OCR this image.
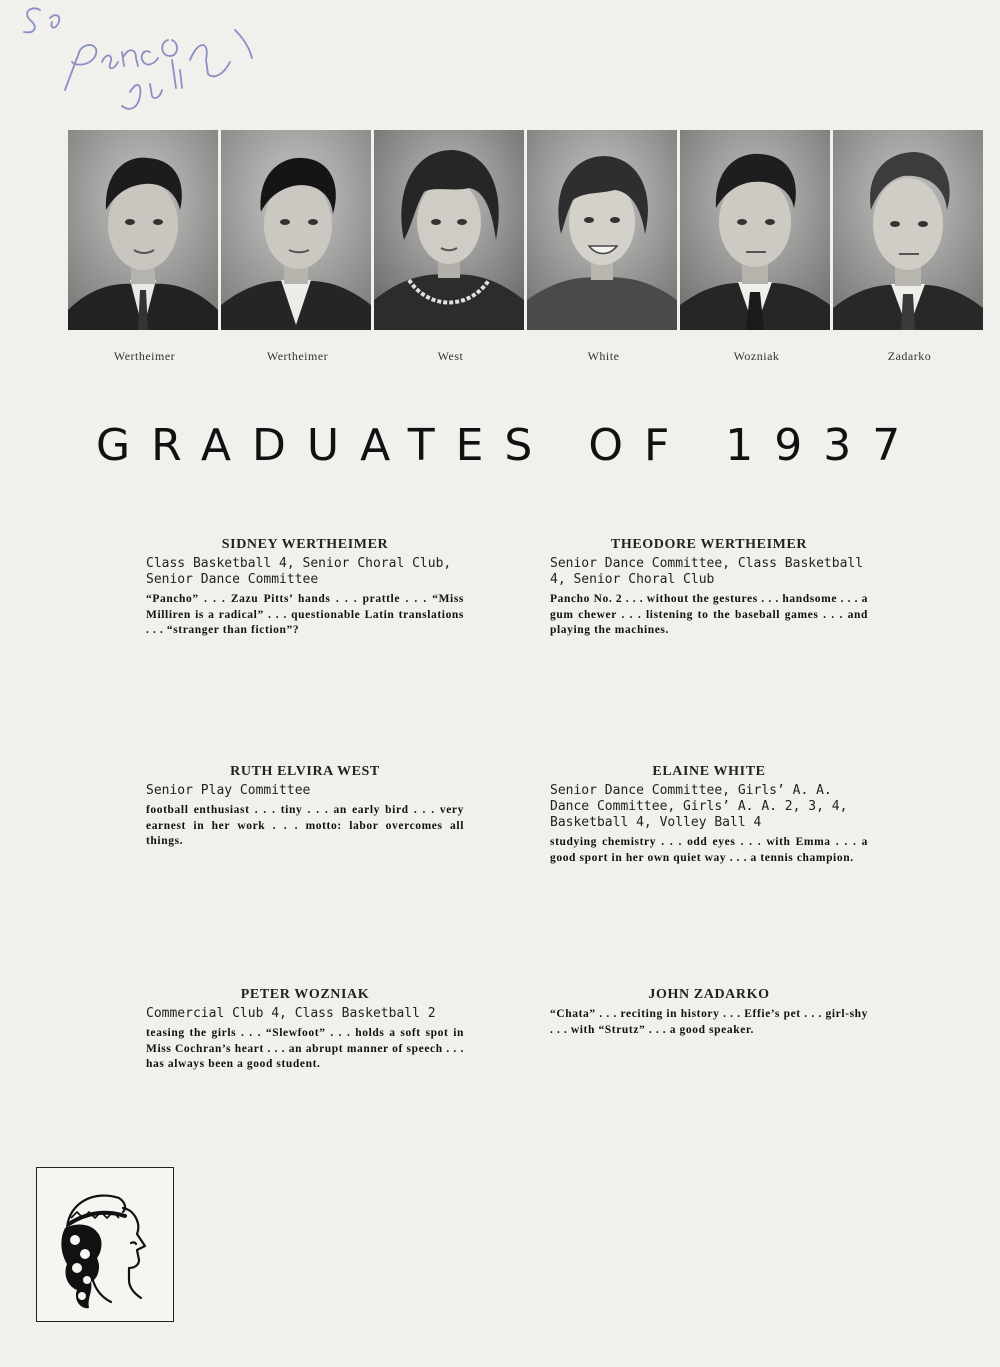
Wertheimer	Wertheimer	West	White	Wozniak	Zadarko
GRADUATES OF 1937
SIDNEY WERTHEIMER
Class Basketball 4, Senior Choral Club, Senior Dance Committee
“Pancho” . . . Zazu Pitts’ hands . . . prattle . . . “Miss Milliren is a radical” . . . questionable Latin translations . . . “stranger than fiction”?
THEODORE WERTHEIMER
Senior Dance Committee, Class Basketball 4, Senior Choral Club
Pancho No. 2 . . . without the gestures . . . handsome . . . a gum chewer . . . listening to the baseball games . . . and playing the machines.
RUTH ELVIRA WEST
Senior Play Committee
football enthusiast . . . tiny . . . an early bird . . . very earnest in her work . . . motto: labor overcomes all things.
ELAINE WHITE
Senior Dance Committee, Girls’ A. A. Dance Committee, Girls’ A. A. 2, 3, 4, Basketball 4, Volley Ball 4
studying chemistry . . . odd eyes . . . with Emma . . . a good sport in her own quiet way . . . a tennis champion.
PETER WOZNIAK
Commercial Club 4, Class Basketball 2
teasing the girls . . . “Slewfoot” . . . holds a soft spot in Miss Cochran’s heart . . . an abrupt manner of speech . . . has always been a good student.
JOHN ZADARKO
“Chata” . . . reciting in history . . . Effie’s pet . . . girl-shy . . . with “Strutz” . . . a good speaker.
